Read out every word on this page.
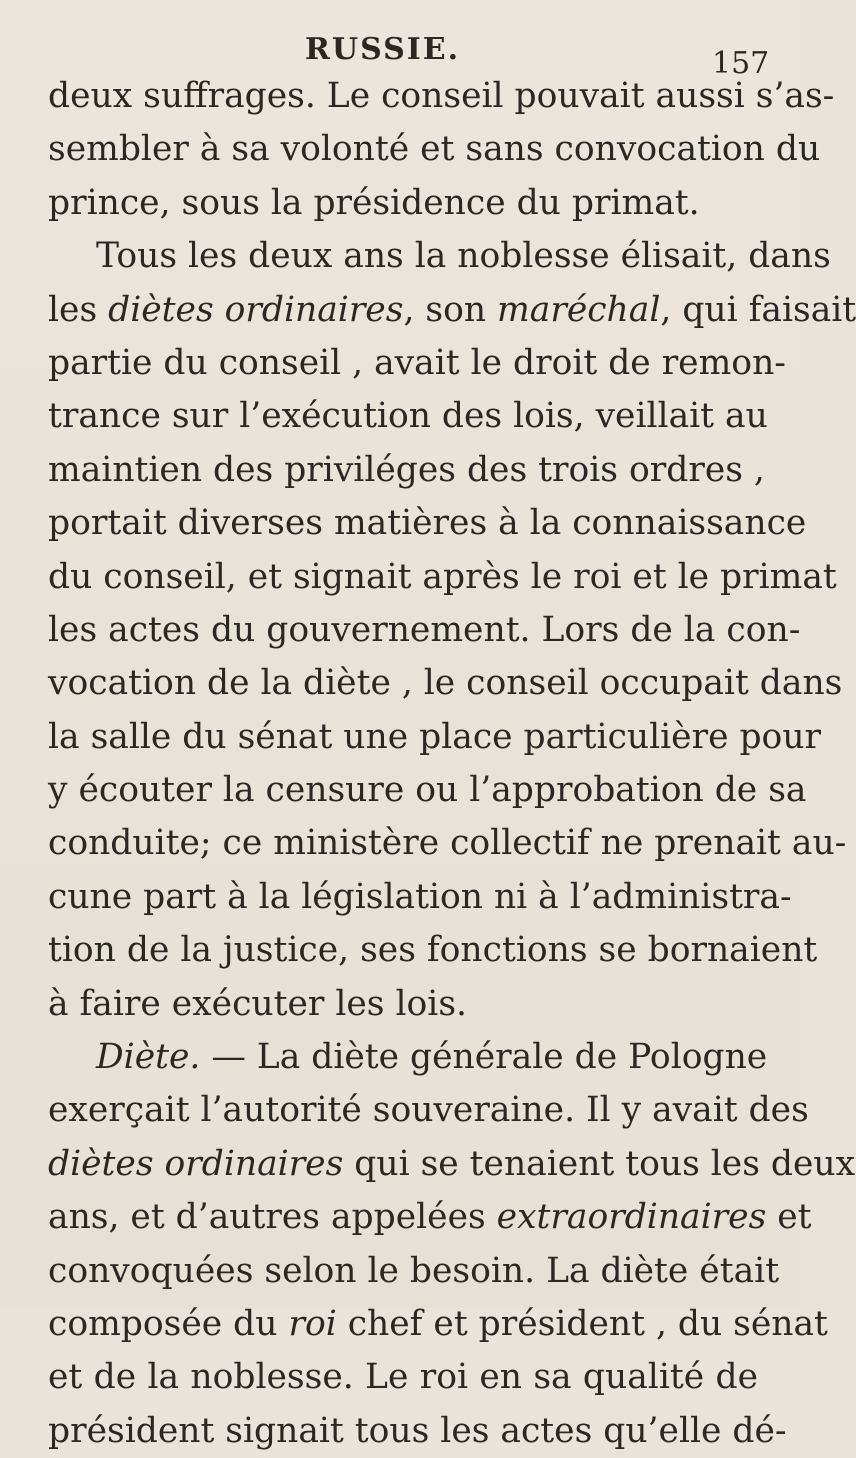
RUSSIE.	157
deux suffrages. Le conseil pouvait aussi s’as-
sembler à sa volonté et sans convocation du
prince, sous la présidence du primat.
Tous les deux ans la noblesse élisait, dans
les diètes ordinaires, son maréchal, qui faisait
partie du conseil , avait le droit de remon-
trance sur l’exécution des lois, veillait au
maintien des priviléges des trois ordres ,
portait diverses matières à la connaissance
du conseil, et signait après le roi et le primat
les actes du gouvernement. Lors de la con-
vocation de la diète , le conseil occupait dans
la salle du sénat une place particulière pour
y écouter la censure ou l’approbation de sa
conduite; ce ministère collectif ne prenait au-
cune part à la législation ni à l’administra-
tion de la justice, ses fonctions se bornaient
à faire exécuter les lois.
Diète. — La diète générale de Pologne
exerçait l’autorité souveraine. Il y avait des
diètes ordinaires qui se tenaient tous les deux
ans, et d’autres appelées extraordinaires et
convoquées selon le besoin. La diète était
composée du roi chef et président , du sénat
et de la noblesse. Le roi en sa qualité de
président signait tous les actes qu’elle dé-
